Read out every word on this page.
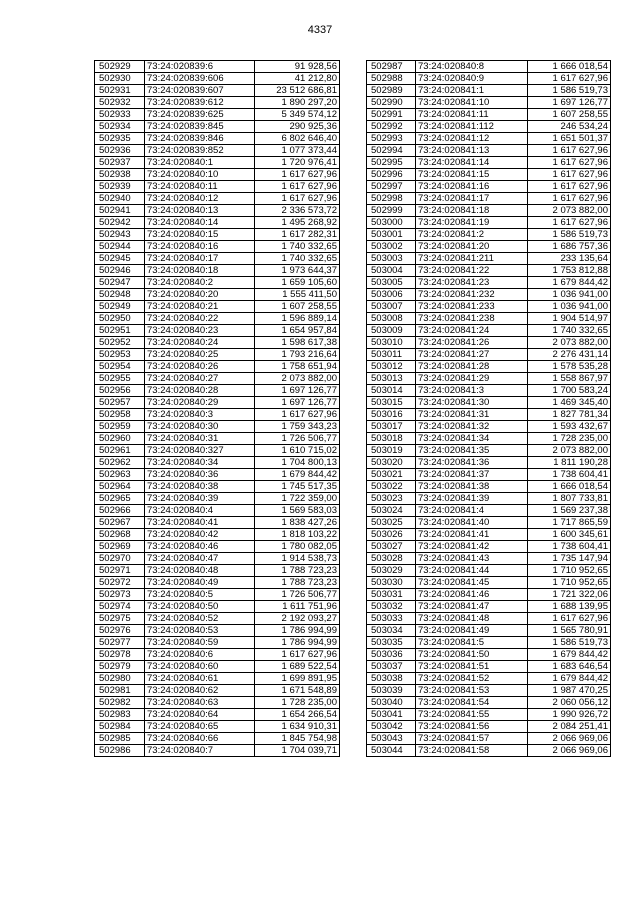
4337
502929	73:24:020839:6	91 928,56
502930	73:24:020839:606	41 212,80
502931	73:24:020839:607	23 512 686,81
502932	73:24:020839:612	1 890 297,20
502933	73:24:020839:625	5 349 574,12
502934	73:24:020839:845	290 925,36
502935	73:24:020839:846	6 802 646,40
502936	73:24:020839:852	1 077 373,44
502937	73:24:020840:1	1 720 976,41
502938	73:24:020840:10	1 617 627,96
502939	73:24:020840:11	1 617 627,96
502940	73:24:020840:12	1 617 627,96
502941	73:24:020840:13	2 336 573,72
502942	73:24:020840:14	1 495 268,92
502943	73:24:020840:15	1 617 282,31
502944	73:24:020840:16	1 740 332,65
502945	73:24:020840:17	1 740 332,65
502946	73:24:020840:18	1 973 644,37
502947	73:24:020840:2	1 659 105,60
502948	73:24:020840:20	1 555 411,50
502949	73:24:020840:21	1 607 258,55
502950	73:24:020840:22	1 596 889,14
502951	73:24:020840:23	1 654 957,84
502952	73:24:020840:24	1 598 617,38
502953	73:24:020840:25	1 793 216,64
502954	73:24:020840:26	1 758 651,94
502955	73:24:020840:27	2 073 882,00
502956	73:24:020840:28	1 697 126,77
502957	73:24:020840:29	1 697 126,77
502958	73:24:020840:3	1 617 627,96
502959	73:24:020840:30	1 759 343,23
502960	73:24:020840:31	1 726 506,77
502961	73:24:020840:327	1 610 715,02
502962	73:24:020840:34	1 704 800,13
502963	73:24:020840:36	1 679 844,42
502964	73:24:020840:38	1 745 517,35
502965	73:24:020840:39	1 722 359,00
502966	73:24:020840:4	1 569 583,03
502967	73:24:020840:41	1 838 427,26
502968	73:24:020840:42	1 818 103,22
502969	73:24:020840:46	1 780 082,05
502970	73:24:020840:47	1 914 538,73
502971	73:24:020840:48	1 788 723,23
502972	73:24:020840:49	1 788 723,23
502973	73:24:020840:5	1 726 506,77
502974	73:24:020840:50	1 611 751,96
502975	73:24:020840:52	2 192 093,27
502976	73:24:020840:53	1 786 994,99
502977	73:24:020840:59	1 786 994,99
502978	73:24:020840:6	1 617 627,96
502979	73:24:020840:60	1 689 522,54
502980	73:24:020840:61	1 699 891,95
502981	73:24:020840:62	1 671 548,89
502982	73:24:020840:63	1 728 235,00
502983	73:24:020840:64	1 654 266,54
502984	73:24:020840:65	1 634 910,31
502985	73:24:020840:66	1 845 754,98
502986	73:24:020840:7	1 704 039,71
502987	73:24:020840:8	1 666 018,54
502988	73:24:020840:9	1 617 627,96
502989	73:24:020841:1	1 586 519,73
502990	73:24:020841:10	1 697 126,77
502991	73:24:020841:11	1 607 258,55
502992	73:24:020841:112	246 534,24
502993	73:24:020841:12	1 651 501,37
502994	73:24:020841:13	1 617 627,96
502995	73:24:020841:14	1 617 627,96
502996	73:24:020841:15	1 617 627,96
502997	73:24:020841:16	1 617 627,96
502998	73:24:020841:17	1 617 627,96
502999	73:24:020841:18	2 073 882,00
503000	73:24:020841:19	1 617 627,96
503001	73:24:020841:2	1 586 519,73
503002	73:24:020841:20	1 686 757,36
503003	73:24:020841:211	233 135,64
503004	73:24:020841:22	1 753 812,88
503005	73:24:020841:23	1 679 844,42
503006	73:24:020841:232	1 036 941,00
503007	73:24:020841:233	1 036 941,00
503008	73:24:020841:238	1 904 514,97
503009	73:24:020841:24	1 740 332,65
503010	73:24:020841:26	2 073 882,00
503011	73:24:020841:27	2 276 431,14
503012	73:24:020841:28	1 578 535,28
503013	73:24:020841:29	1 558 867,97
503014	73:24:020841:3	1 700 583,24
503015	73:24:020841:30	1 469 345,40
503016	73:24:020841:31	1 827 781,34
503017	73:24:020841:32	1 593 432,67
503018	73:24:020841:34	1 728 235,00
503019	73:24:020841:35	2 073 882,00
503020	73:24:020841:36	1 811 190,28
503021	73:24:020841:37	1 738 604,41
503022	73:24:020841:38	1 666 018,54
503023	73:24:020841:39	1 807 733,81
503024	73:24:020841:4	1 569 237,38
503025	73:24:020841:40	1 717 865,59
503026	73:24:020841:41	1 600 345,61
503027	73:24:020841:42	1 738 604,41
503028	73:24:020841:43	1 735 147,94
503029	73:24:020841:44	1 710 952,65
503030	73:24:020841:45	1 710 952,65
503031	73:24:020841:46	1 721 322,06
503032	73:24:020841:47	1 688 139,95
503033	73:24:020841:48	1 617 627,96
503034	73:24:020841:49	1 565 780,91
503035	73:24:020841:5	1 586 519,73
503036	73:24:020841:50	1 679 844,42
503037	73:24:020841:51	1 683 646,54
503038	73:24:020841:52	1 679 844,42
503039	73:24:020841:53	1 987 470,25
503040	73:24:020841:54	2 060 056,12
503041	73:24:020841:55	1 990 926,72
503042	73:24:020841:56	2 084 251,41
503043	73:24:020841:57	2 066 969,06
503044	73:24:020841:58	2 066 969,06
